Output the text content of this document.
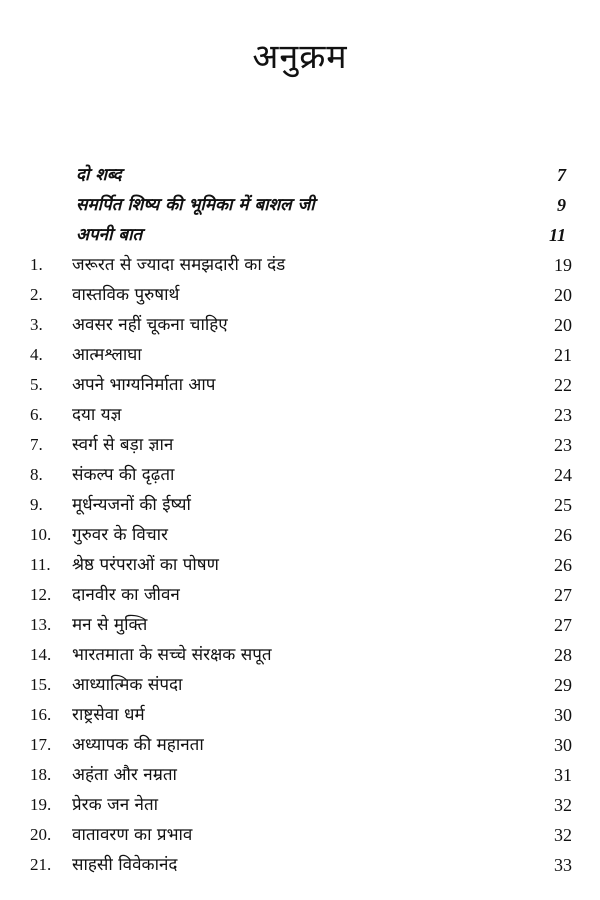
अनुक्रम
दो शब्द	7
समर्पित शिष्य की भूमिका में बाशल जी	9
अपनी बात	11
1.	जरूरत से ज्यादा समझदारी का दंड	19
2.	वास्तविक पुरुषार्थ	20
3.	अवसर नहीं चूकना चाहिए	20
4.	आत्मश्लाघा	21
5.	अपने भाग्यनिर्माता आप	22
6.	दया यज्ञ	23
7.	स्वर्ग से बड़ा ज्ञान	23
8.	संकल्प की दृढ़ता	24
9.	मूर्धन्यजनों की ईर्ष्या	25
10.	गुरुवर के विचार	26
11.	श्रेष्ठ परंपराओं का पोषण	26
12.	दानवीर का जीवन	27
13.	मन से मुक्ति	27
14.	भारतमाता के सच्चे संरक्षक सपूत	28
15.	आध्यात्मिक संपदा	29
16.	राष्ट्रसेवा धर्म	30
17.	अध्यापक की महानता	30
18.	अहंता और नम्रता	31
19.	प्रेरक जन नेता	32
20.	वातावरण का प्रभाव	32
21.	साहसी विवेकानंद	33
